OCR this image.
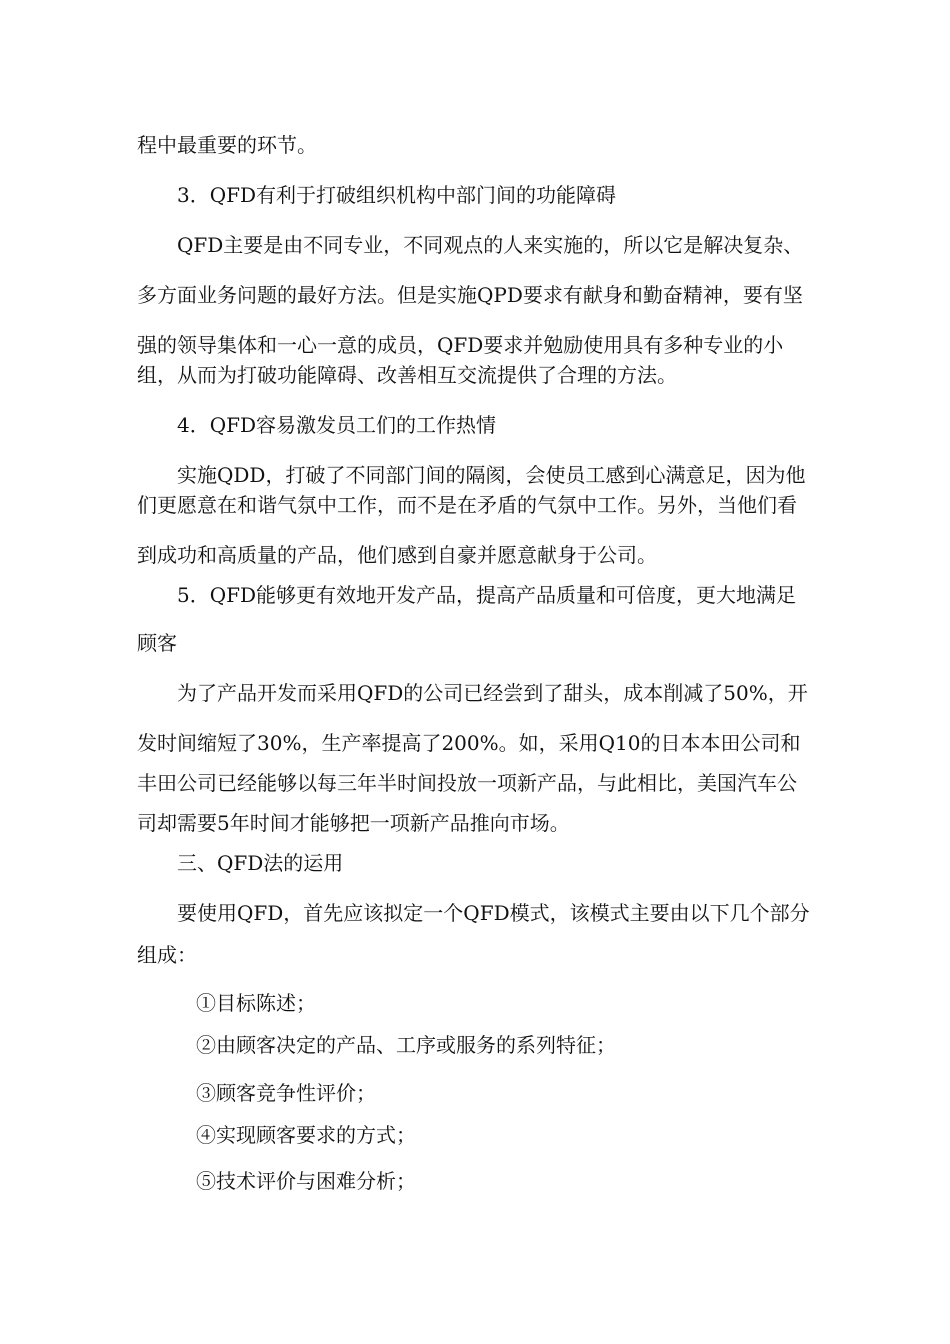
程中最重要的环节。
3．QFD有利于打破组织机构中部门间的功能障碍
QFD主要是由不同专业，不同观点的人来实施的，所以它是解决复杂、
多方面业务问题的最好方法。但是实施QPD要求有献身和勤奋精神，要有坚
强的领导集体和一心一意的成员，QFD要求并勉励使用具有多种专业的小
组，从而为打破功能障碍、改善相互交流提供了合理的方法。
4．QFD容易激发员工们的工作热情
实施QDD，打破了不同部门间的隔阂，会使员工感到心满意足，因为他
们更愿意在和谐气氛中工作，而不是在矛盾的气氛中工作。另外，当他们看
到成功和高质量的产品，他们感到自豪并愿意献身于公司。
5．QFD能够更有效地开发产品，提高产品质量和可倍度，更大地满足
顾客
为了产品开发而采用QFD的公司已经尝到了甜头，成本削减了50%，开
发时间缩短了30%，生产率提高了200%。如，采用Q10的日本本田公司和
丰田公司已经能够以每三年半时间投放一项新产品，与此相比，美国汽车公
司却需要5年时间才能够把一项新产品推向市场。
三、QFD法的运用
要使用QFD，首先应该拟定一个QFD模式，该模式主要由以下几个部分
组成：
①目标陈述；
②由顾客决定的产品、工序或服务的系列特征；
③顾客竞争性评价；
④实现顾客要求的方式；
⑤技术评价与困难分析；
